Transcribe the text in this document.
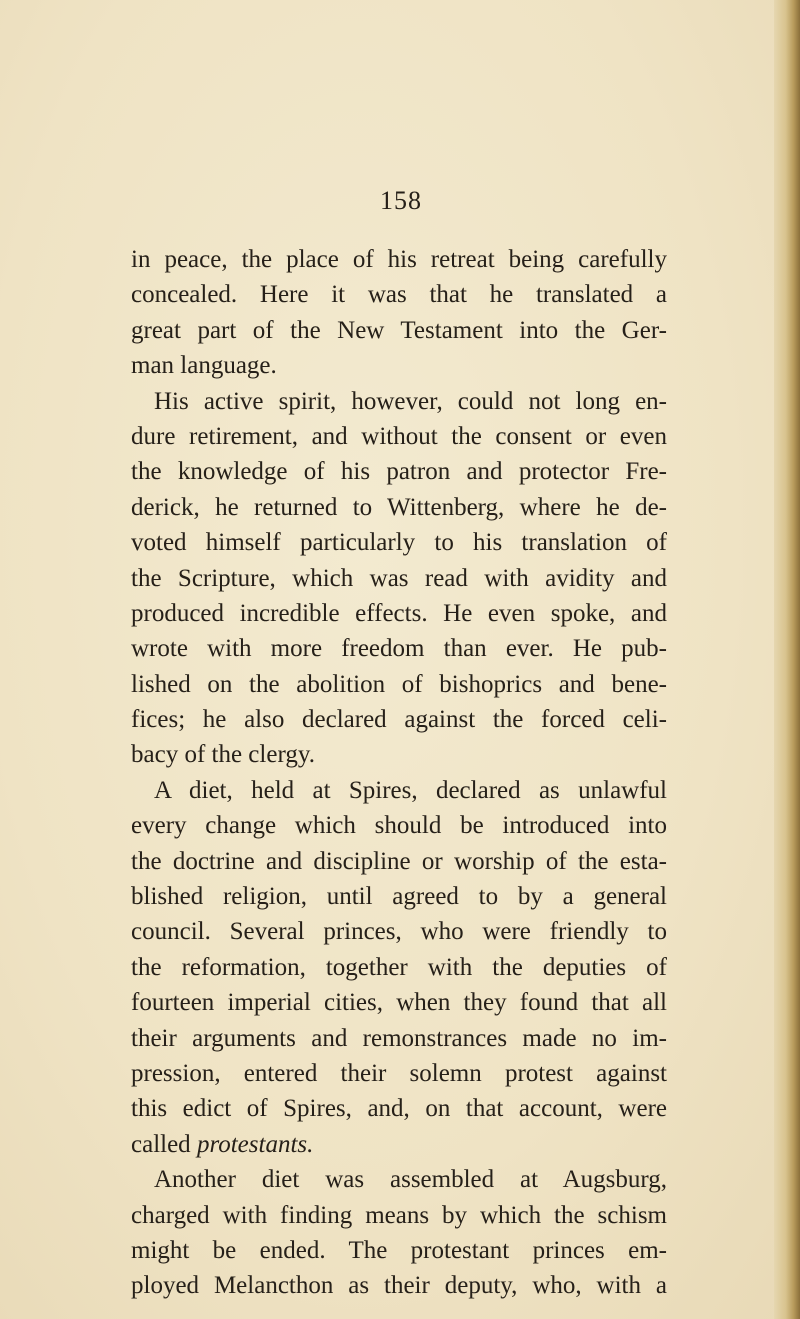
158
in peace, the place of his retreat being carefully
concealed. Here it was that he translated a
great part of the New Testament into the Ger-
man language.
His active spirit, however, could not long en-
dure retirement, and without the consent or even
the knowledge of his patron and protector Fre-
derick, he returned to Wittenberg, where he de-
voted himself particularly to his translation of
the Scripture, which was read with avidity and
produced incredible effects. He even spoke, and
wrote with more freedom than ever. He pub-
lished on the abolition of bishoprics and bene-
fices; he also declared against the forced celi-
bacy of the clergy.
A diet, held at Spires, declared as unlawful
every change which should be introduced into
the doctrine and discipline or worship of the esta-
blished religion, until agreed to by a general
council. Several princes, who were friendly to
the reformation, together with the deputies of
fourteen imperial cities, when they found that all
their arguments and remonstrances made no im-
pression, entered their solemn protest against
this edict of Spires, and, on that account, were
called protestants.
Another diet was assembled at Augsburg,
charged with finding means by which the schism
might be ended. The protestant princes em-
ployed Melancthon as their deputy, who, with a
